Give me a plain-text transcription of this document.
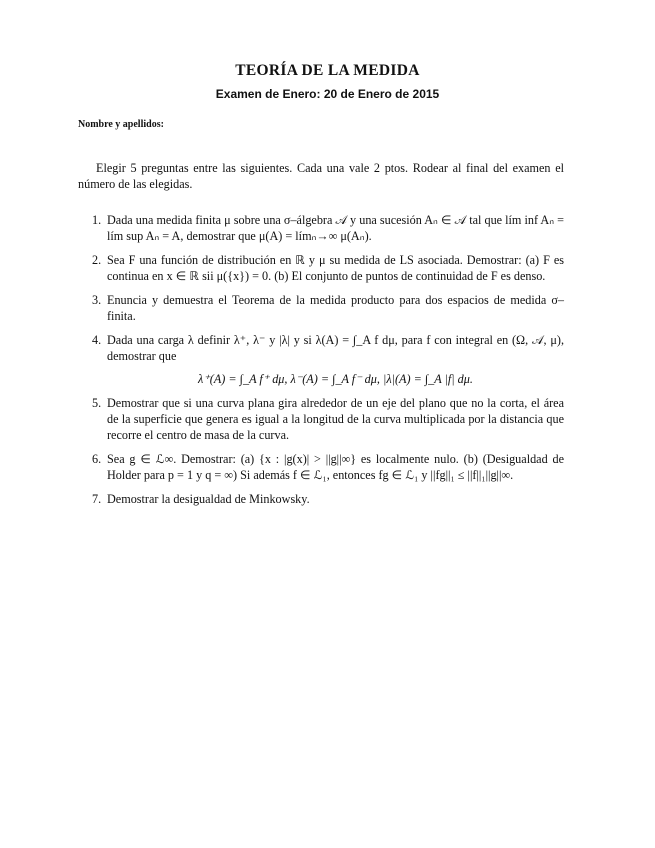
TEORÍA DE LA MEDIDA
Examen de Enero: 20 de Enero de 2015
Nombre y apellidos:
Elegir 5 preguntas entre las siguientes. Cada una vale 2 ptos. Rodear al final del examen el número de las elegidas.
1. Dada una medida finita μ sobre una σ–álgebra 𝒜 y una sucesión Aₙ ∈ 𝒜 tal que lím inf Aₙ = lím sup Aₙ = A, demostrar que μ(A) = límₙ→∞ μ(Aₙ).
2. Sea F una función de distribución en ℝ y μ su medida de LS asociada. Demostrar: (a) F es continua en x ∈ ℝ sii μ({x}) = 0. (b) El conjunto de puntos de continuidad de F es denso.
3. Enuncia y demuestra el Teorema de la medida producto para dos espacios de medida σ–finita.
4. Dada una carga λ definir λ⁺, λ⁻ y |λ| y si λ(A) = ∫_A f dμ, para f con integral en (Ω, 𝒜, μ), demostrar que
λ⁺(A) = ∫_A f⁺ dμ, λ⁻(A) = ∫_A f⁻ dμ, |λ|(A) = ∫_A |f| dμ.
5. Demostrar que si una curva plana gira alrededor de un eje del plano que no la corta, el área de la superficie que genera es igual a la longitud de la curva multiplicada por la distancia que recorre el centro de masa de la curva.
6. Sea g ∈ ℒ∞. Demostrar: (a) {x : |g(x)| > ||g||∞} es localmente nulo. (b) (Desigualdad de Holder para p = 1 y q = ∞) Si además f ∈ ℒ₁, entonces fg ∈ ℒ₁ y ||fg||₁ ≤ ||f||₁||g||∞.
7. Demostrar la desigualdad de Minkowsky.
